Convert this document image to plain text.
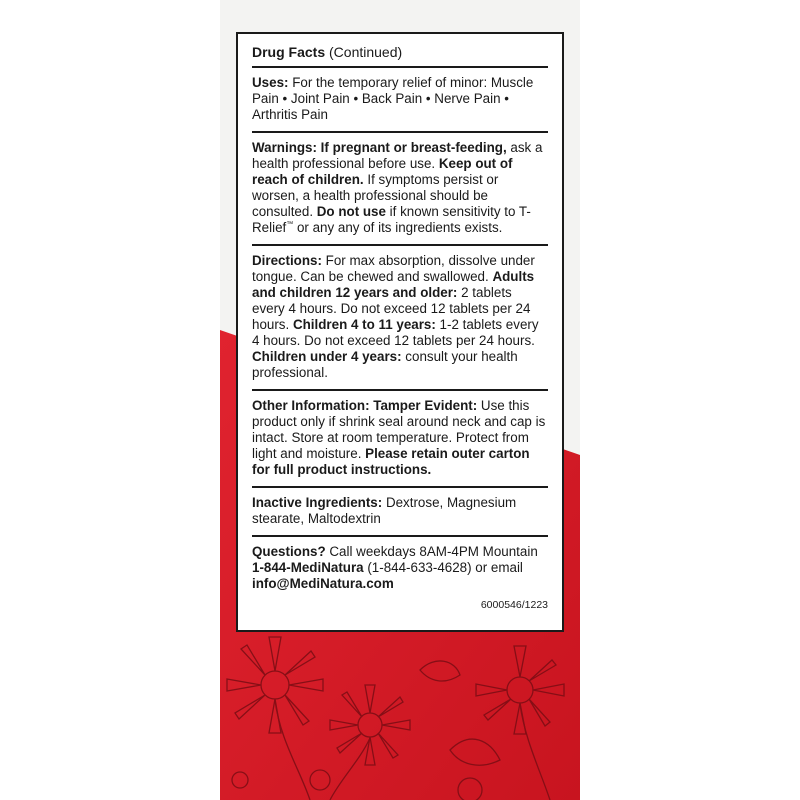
Drug Facts (Continued)

Uses: For the temporary relief of minor: Muscle Pain • Joint Pain • Back Pain • Nerve Pain • Arthritis Pain

Warnings: If pregnant or breast-feeding, ask a health professional before use. Keep out of reach of children. If symptoms persist or worsen, a health professional should be consulted. Do not use if known sensitivity to T-Relief™ or any any of its ingredients exists.

Directions: For max absorption, dissolve under tongue. Can be chewed and swallowed. Adults and children 12 years and older: 2 tablets every 4 hours. Do not exceed 12 tablets per 24 hours. Children 4 to 11 years: 1-2 tablets every 4 hours. Do not exceed 12 tablets per 24 hours. Children under 4 years: consult your health professional.

Other Information: Tamper Evident: Use this product only if shrink seal around neck and cap is intact. Store at room temperature. Protect from light and moisture. Please retain outer carton for full product instructions.

Inactive Ingredients: Dextrose, Magnesium stearate, Maltodextrin

Questions? Call weekdays 8AM-4PM Mountain 1-844-MediNatura (1-844-633-4628) or email info@MediNatura.com

6000546/1223
